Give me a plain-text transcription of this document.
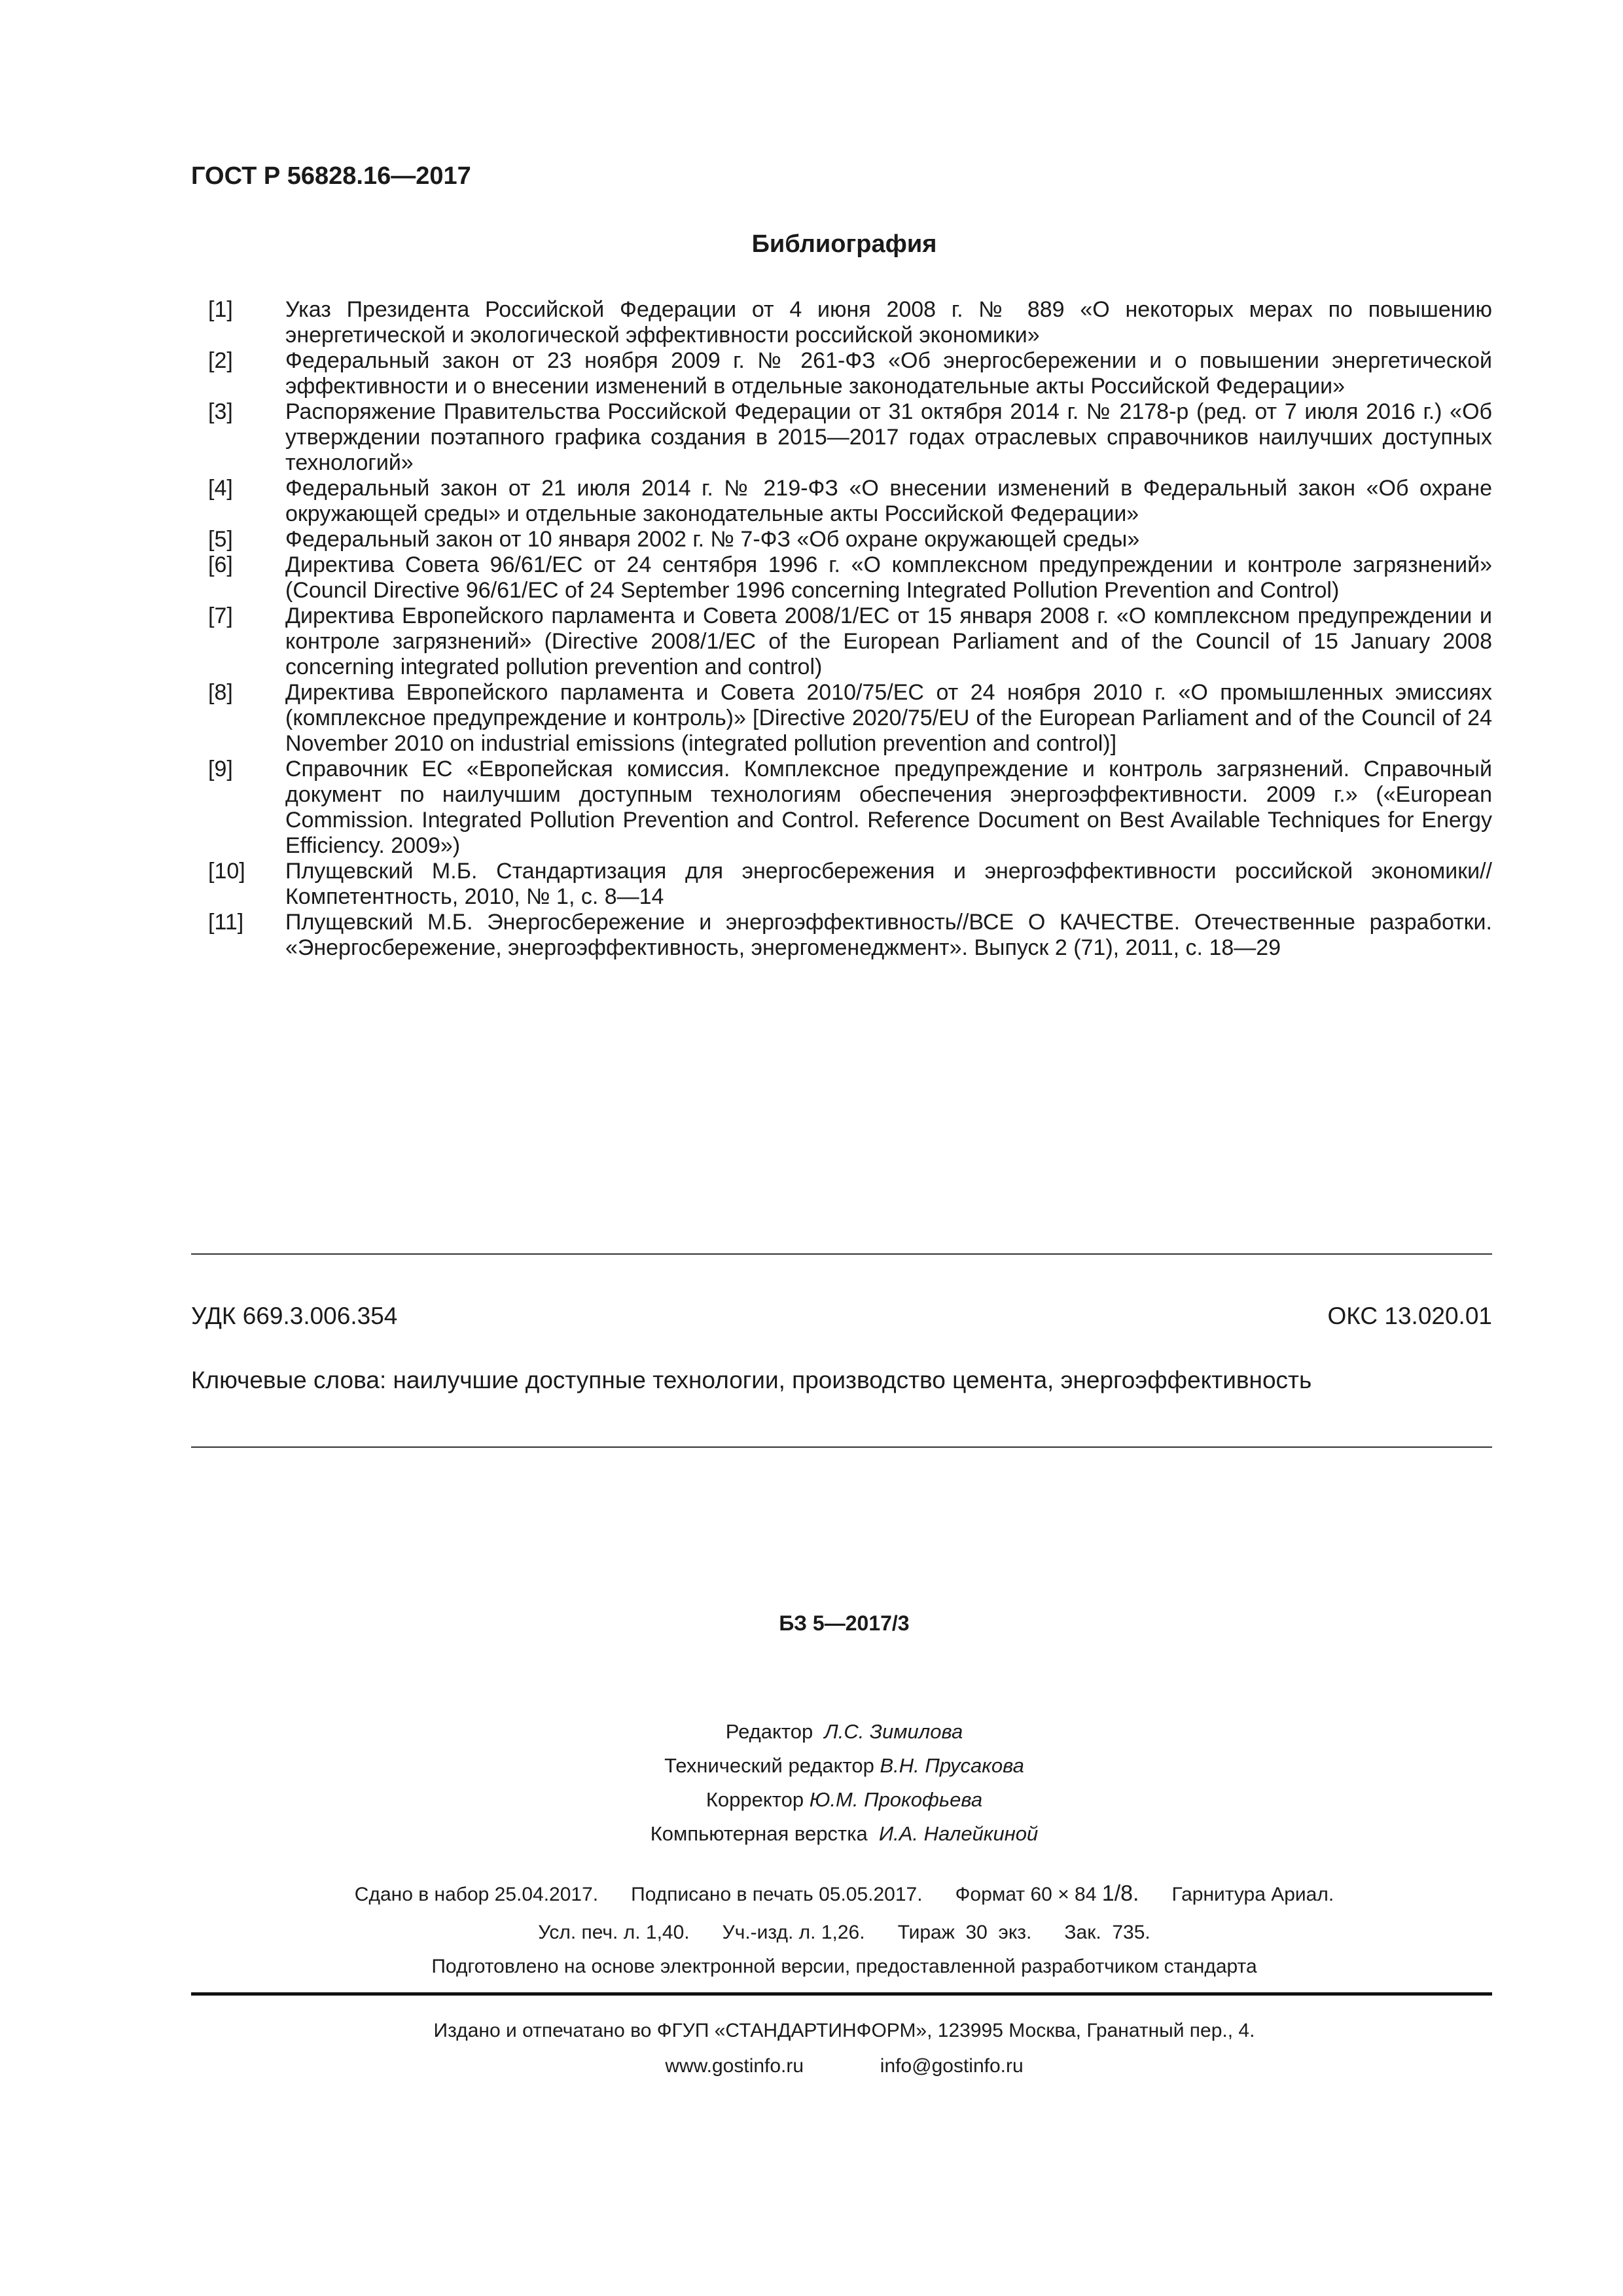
ГОСТ Р 56828.16—2017
Библиография
[1]	Указ Президента Российской Федерации от 4 июня 2008 г. № 889 «О некоторых мерах по повышению энергетической и экологической эффективности российской экономики»
[2]	Федеральный закон от 23 ноября 2009 г. № 261-ФЗ «Об энергосбережении и о повышении энергетической эффективности и о внесении изменений в отдельные законодательные акты Российской Федерации»
[3]	Распоряжение Правительства Российской Федерации от 31 октября 2014 г. № 2178-р (ред. от 7 июля 2016 г.) «Об утверждении поэтапного графика создания в 2015—2017 годах отраслевых справочников наилучших доступных технологий»
[4]	Федеральный закон от 21 июля 2014 г. № 219-ФЗ «О внесении изменений в Федеральный закон «Об охране окружающей среды» и отдельные законодательные акты Российской Федерации»
[5]	Федеральный закон от 10 января 2002 г. № 7-ФЗ «Об охране окружающей среды»
[6]	Директива Совета 96/61/ЕС от 24 сентября 1996 г. «О комплексном предупреждении и контроле загрязнений» (Council Directive 96/61/EC of 24 September 1996 concerning Integrated Pollution Prevention and Control)
[7]	Директива Европейского парламента и Совета 2008/1/ЕС от 15 января 2008 г. «О комплексном предупреждении и контроле загрязнений» (Directive 2008/1/EC of the European Parliament and of the Council of 15 January 2008 concerning integrated pollution prevention and control)
[8]	Директива Европейского парламента и Совета 2010/75/ЕС от 24 ноября 2010 г. «О промышленных эмиссиях (комплексное предупреждение и контроль)» [Directive 2020/75/EU of the European Parliament and of the Council of 24 November 2010 on industrial emissions (integrated pollution prevention and control)]
[9]	Справочник ЕС «Европейская комиссия. Комплексное предупреждение и контроль загрязнений. Справочный документ по наилучшим доступным технологиям обеспечения энергоэффективности. 2009 г.» («European Commission. Integrated Pollution Prevention and Control. Reference Document on Best Available Techniques for Energy Efficiency. 2009»)
[10]	Плущевский М.Б. Стандартизация для энергосбережения и энергоэффективности российской экономики//Компетентность, 2010, № 1, с. 8—14
[11]	Плущевский М.Б. Энергосбережение и энергоэффективность//ВСЕ О КАЧЕСТВЕ. Отечественные разработки. «Энергосбережение, энергоэффективность, энергоменеджмент». Выпуск 2 (71), 2011, с. 18—29
УДК 669.3.006.354	ОКС 13.020.01
Ключевые слова: наилучшие доступные технологии, производство цемента, энергоэффективность
БЗ 5—2017/3
Редактор Л.С. Зимилова
Технический редактор В.Н. Прусакова
Корректор Ю.М. Прокофьева
Компьютерная верстка И.А. Налейкиной
Сдано в набор 25.04.2017. Подписано в печать 05.05.2017. Формат 60 × 84 1/8. Гарнитура Ариал.
Усл. печ. л. 1,40. Уч.-изд. л. 1,26. Тираж  30  экз. Зак.  735.
Подготовлено на основе электронной версии, предоставленной разработчиком стандарта
Издано и отпечатано во ФГУП «СТАНДАРТИНФОРМ», 123995 Москва, Гранатный пер., 4.
www.gostinfo.ru	info@gostinfo.ru
